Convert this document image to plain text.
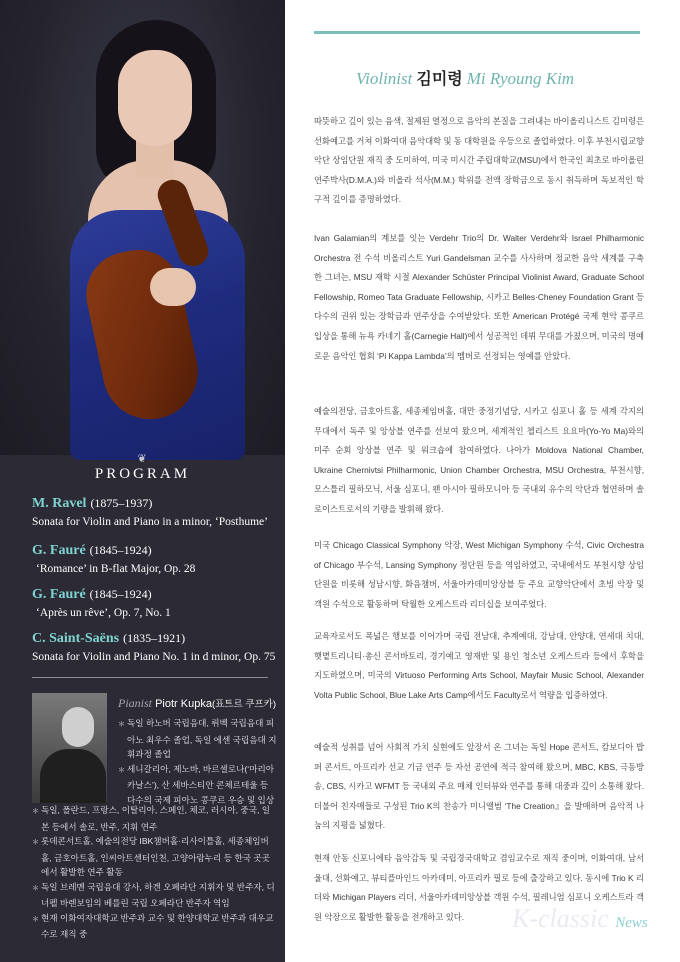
❦
PROGRAM
M. Ravel (1875–1937)
Sonata for Violin and Piano in a minor, ‘Posthume’
G. Fauré (1845–1924)
‘Romance’ in B-flat Major, Op. 28
G. Fauré (1845–1924)
‘Après un rêve’, Op. 7, No. 1
C. Saint-Saëns (1835–1921)
Sonata for Violin and Piano No. 1 in d minor, Op. 75
Pianist Piotr Kupka(표트르 쿠프카)
＊ 독일 하노버 국립음대, 뤼벡 국립음대 피아노 최우수 졸업, 독일 에센 국립음대 지휘과정 졸업
＊ 세니갈리아, 제노바, 바르셀로나(‘마리아 카날스’), 산 세바스티안 콘체르테울 등 다수의 국제 피아노 콩쿠르 우승 및 입상
＊ 독일, 폴란드, 프랑스, 이탈리아, 스페인, 체코, 러시아, 중국, 일본 등에서 솔로, 반주, 지휘 연주
＊ 롯데콘서트홀, 예술의전당 IBK챔버홀·리사이틀홀, 세종체임버홀, 금호아트홀, 인씨아트센터인천, 고양아람누리 등 한국 곳곳에서 활발한 연주 활동
＊ 독일 브레멘 국립음대 강사, 하겐 오페라단 지휘자 및 반주자, 디너펠 바렌보임의 베를린 국립 오페라단 반주자 역임
＊ 현재 이화여자대학교 반주과 교수 및 한양대학교 반주과 대우교수로 재직 중
Violinist 김미령 Mi Ryoung Kim

따뜻하고 깊이 있는 음색, 절제된 열정으로 음악의 본질을 그려내는 바이올리니스트 김미령은 선화예고를 거쳐 이화여대 음악대학 및 동 대학원을 우등으로 졸업하였다. 이후 부천시립교향악단 상임단원 재직 중 도미하여, 미국 미시간 주립대학교(MSU)에서 한국인 최초로 바이올린 연주박사(D.M.A.)와 비올라 석사(M.M.) 학위를 전액 장학금으로 동시 취득하며 독보적인 학구적 깊이를 증명하였다.

Ivan Galamian의 계보를 잇는 Verdehr Trio의 Dr. Walter Verdehr와 Israel Philharmonic Orchestra 전 수석 비올리스트 Yuri Gandelsman 교수를 사사하며 정교한 음악 세계를 구축한 그녀는, MSU 재학 시절 Alexander Schüster Principal Violinist Award, Graduate School Fellowship, Romeo Tata Graduate Fellowship, 시카고 Belles·Cheney Foundation Grant 등 다수의 권위 있는 장학금과 연주상을 수여받았다. 또한 American Protégé 국제 현악 콩쿠르 입상을 통해 뉴욕 카네기 홀(Carnegie Hall)에서 성공적인 데뷔 무대를 가졌으며, 미국의 명예로운 음악인 협회 ‘Pi Kappa Lambda’의 멤버로 선정되는 영예를 안았다.

예술의전당, 금호아트홀, 세종체임버홀, 대만 중정기념당, 시카고 심포니 홀 등 세계 각지의 무대에서 독주 및 앙상블 연주를 선보여 왔으며, 세계적인 첼리스트 요요마(Yo-Yo Ma)와의 미주 순회 앙상블 연주 및 워크숍에 참여하였다. 나아가 Moldova National Chamber, Ukraine Chernivtsi Philharmonic, Union Chamber Orchestra, MSU Orchestra, 부천시향, 모스틀리 필하모닉, 서울 심포니, 팬 아시아 필하모니아 등 국내외 유수의 악단과 협연하며 솔로이스트로서의 기량을 발휘해 왔다.

미국 Chicago Classical Symphony 악장, West Michigan Symphony 수석, Civic Orchestra of Chicago 부수석, Lansing Symphony 정단원 등을 역임하였고, 국내에서도 부천시향 상임단원을 비롯해 성남시향, 화음챔버, 서울아카데미앙상블 등 주요 교향악단에서 초빙 악장 및 객원 수석으로 활동하며 탁월한 오케스트라 리더십을 보여주었다.

교육자로서도 폭넓은 행보를 이어가며 국립 전남대, 추계예대, 강남대, 안양대, 연세대 치대, 햇볕트리니티·총신 콘서바토리, 경기예고 영재반 및 용인 청소년 오케스트라 등에서 후학을 지도하였으며, 미국의 Virtuoso Performing Arts School, Mayfair Music School, Alexander Volta Public School, Blue Lake Arts Camp에서도 Faculty로서 역량을 입증하였다.

예술적 성취를 넘어 사회적 가치 실현에도 앞장서 온 그녀는 독일 Hope 콘서트, 캄보디아 밥퍼 콘서트, 아프리카 선교 기금 연주 등 자선 공연에 적극 참여해 왔으며, MBC, KBS, 극동방송, CBS, 시카고 WFMT 등 국내외 주요 매체 인터뷰와 연주를 통해 대중과 깊이 소통해 왔다. 더불어 친자매들로 구성된 Trio K의 찬송가 미니앨범 ‘The Creation』을 발매하며 음악적 나눔의 지평을 넓혔다.

현재 안동 신포니에타 음악감독 및 국립경국대학교 겸임교수로 재직 중이며, 이화여대, 남서울대, 선화예고, 뷰티플마인드 아카데미, 아프리카 필로 등에 출강하고 있다. 동시에 Trio K 리더와 Michigan Players 리더, 서울아카데미앙상블 객원 수석, 필레니엄 심포니 오케스트라 객원 악장으로 활발한 활동을 전개하고 있다.	K-classic News
